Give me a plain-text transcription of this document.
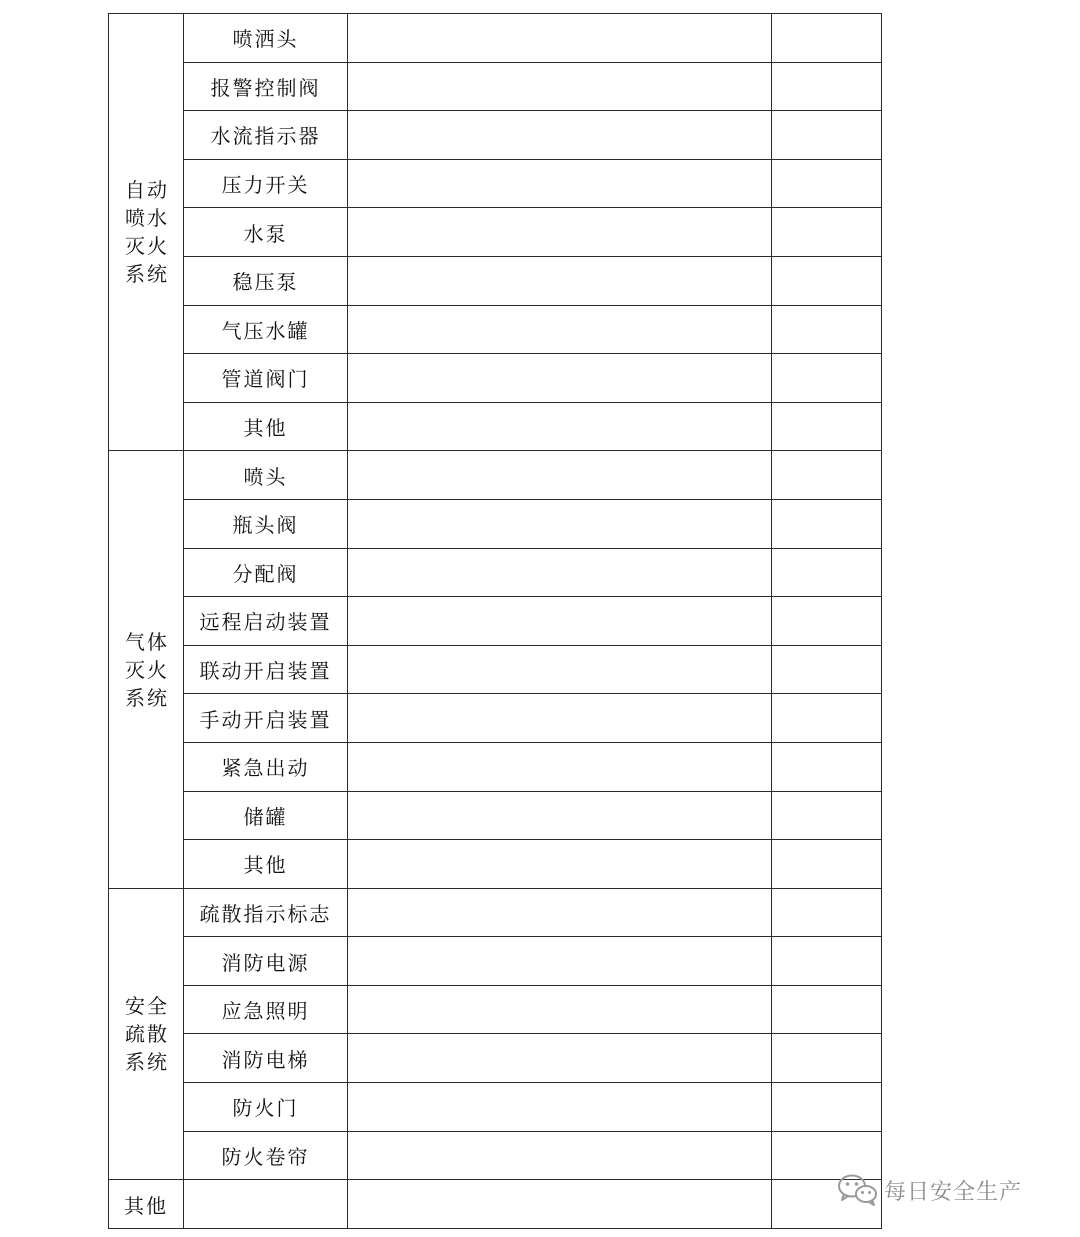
自动喷水灭火系统	喷洒头		
	报警控制阀		
	水流指示器		
	压力开关		
	水泵		
	稳压泵		
	气压水罐		
	管道阀门		
	其他		
气体灭火系统	喷头		
	瓶头阀		
	分配阀		
	远程启动装置		
	联动开启装置		
	手动开启装置		
	紧急出动		
	储罐		
	其他		
安全疏散系统	疏散指示标志		
	消防电源		
	应急照明		
	消防电梯		
	防火门		
	防火卷帘		
其他			
每日安全生产
